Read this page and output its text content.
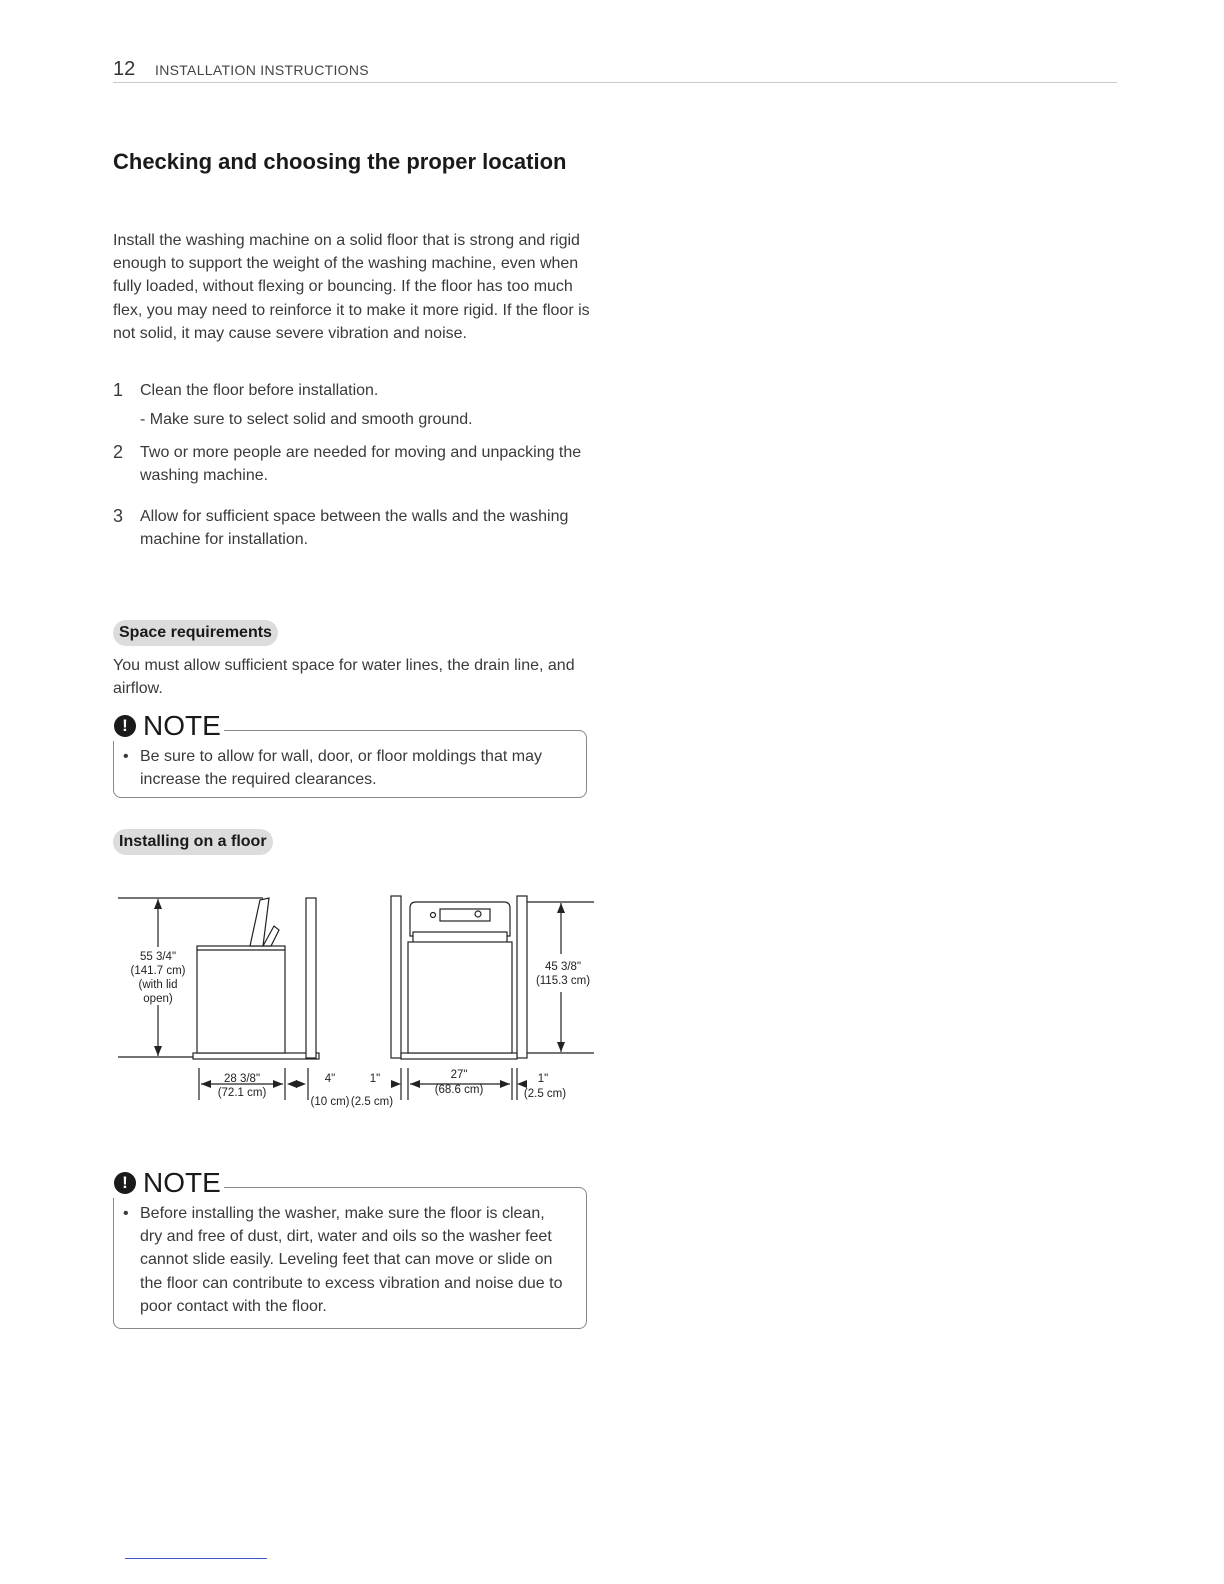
12 INSTALLATION INSTRUCTIONS
Checking and choosing the proper location
Install the washing machine on a solid floor that is strong and rigid enough to support the weight of the washing machine, even when fully loaded, without flexing or bouncing. If the floor has too much flex, you may need to reinforce it to make it more rigid. If the floor is not solid, it may cause severe vibration and noise.
1 Clean the floor before installation.
- Make sure to select solid and smooth ground.
2 Two or more people are needed for moving and unpacking the washing machine.
3 Allow for sufficient space between the walls and the washing machine for installation.
Space requirements
You must allow sufficient space for water lines, the drain line, and airflow.
! NOTE
• Be sure to allow for wall, door, or floor moldings that may increase the required clearances.
Installing on a floor
55 3/4"
(141.7 cm)
(with lid
open)
28 3/8"
(72.1 cm)
4"
(10 cm)
1"
(2.5 cm)
45 3/8"
(115.3 cm)
27"
(68.6 cm)
1"
(2.5 cm)
! NOTE
• Before installing the washer, make sure the floor is clean, dry and free of dust, dirt, water and oils so the washer feet cannot slide easily. Leveling feet that can move or slide on the floor can contribute to excess vibration and noise due to poor contact with the floor.
